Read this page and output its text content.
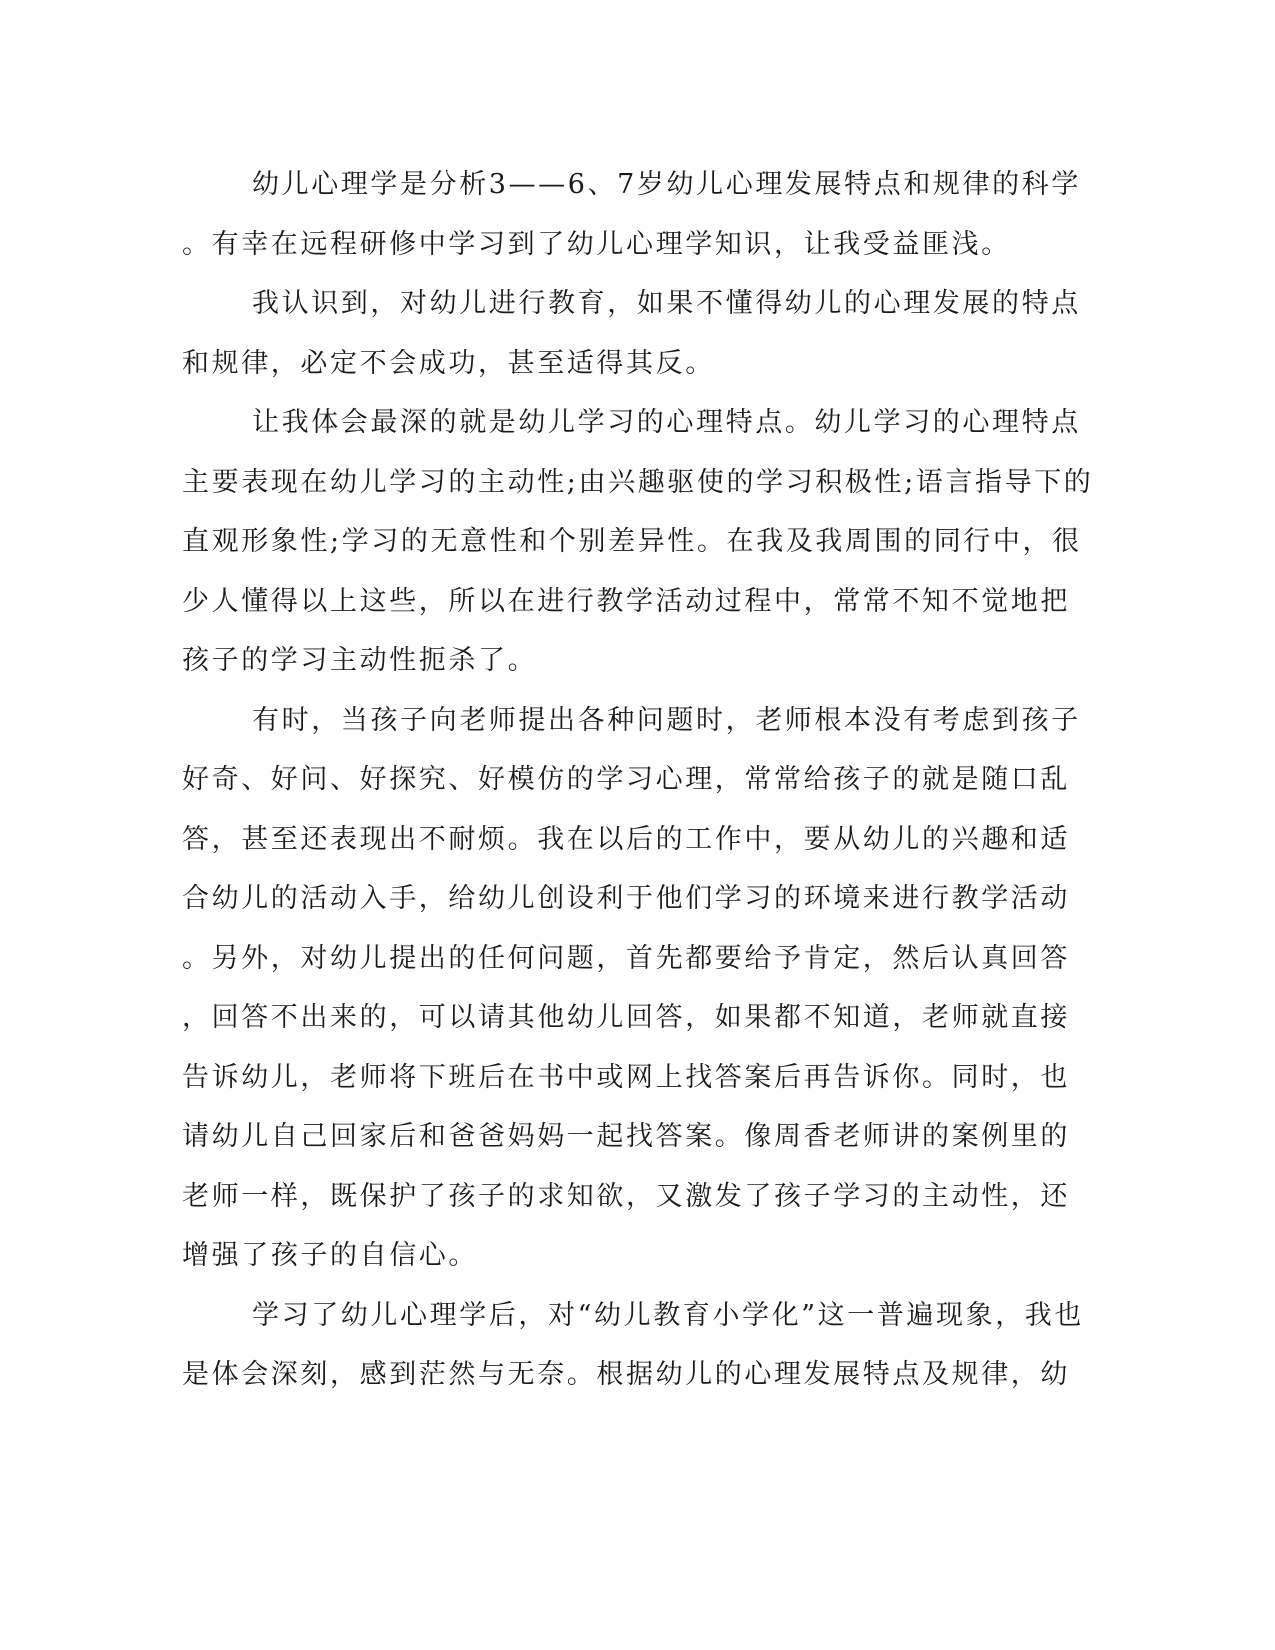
幼儿心理学是分析3——6、7岁幼儿心理发展特点和规律的科学
。有幸在远程研修中学习到了幼儿心理学知识，让我受益匪浅。
我认识到，对幼儿进行教育，如果不懂得幼儿的心理发展的特点
和规律，必定不会成功，甚至适得其反。
让我体会最深的就是幼儿学习的心理特点。幼儿学习的心理特点
主要表现在幼儿学习的主动性;由兴趣驱使的学习积极性;语言指导下的
直观形象性;学习的无意性和个别差异性。在我及我周围的同行中，很
少人懂得以上这些，所以在进行教学活动过程中，常常不知不觉地把
孩子的学习主动性扼杀了。
有时，当孩子向老师提出各种问题时，老师根本没有考虑到孩子
好奇、好问、好探究、好模仿的学习心理，常常给孩子的就是随口乱
答，甚至还表现出不耐烦。我在以后的工作中，要从幼儿的兴趣和适
合幼儿的活动入手，给幼儿创设利于他们学习的环境来进行教学活动
。另外，对幼儿提出的任何问题，首先都要给予肯定，然后认真回答
，回答不出来的，可以请其他幼儿回答，如果都不知道，老师就直接
告诉幼儿，老师将下班后在书中或网上找答案后再告诉你。同时，也
请幼儿自己回家后和爸爸妈妈一起找答案。像周香老师讲的案例里的
老师一样，既保护了孩子的求知欲，又激发了孩子学习的主动性，还
增强了孩子的自信心。
学习了幼儿心理学后，对“幼儿教育小学化”这一普遍现象，我也
是体会深刻，感到茫然与无奈。根据幼儿的心理发展特点及规律，幼
